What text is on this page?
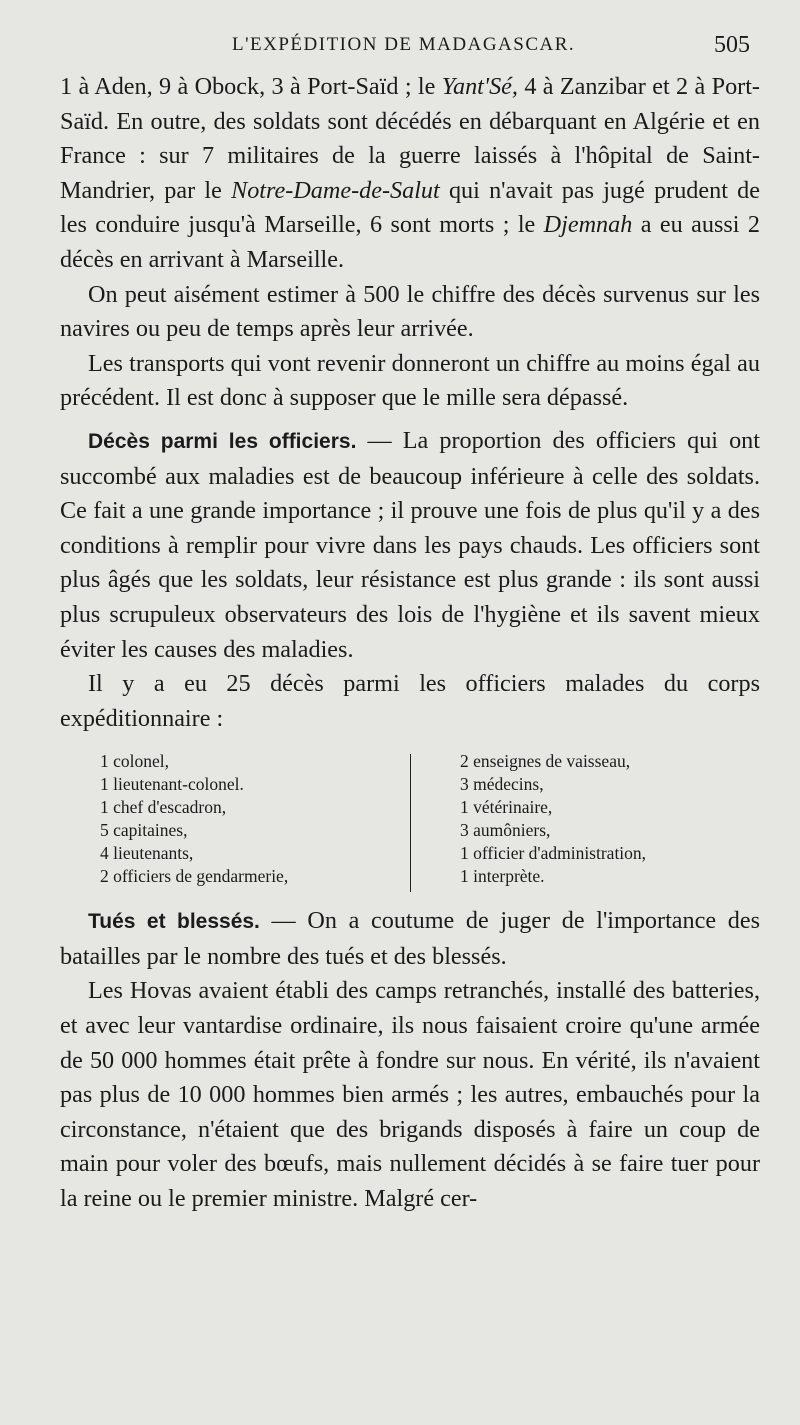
L'EXPÉDITION DE MADAGASCAR.	505

1 à Aden, 9 à Obock, 3 à Port-Saïd ; le Yant'Sé, 4 à Zanzibar et 2 à Port-Saïd. En outre, des soldats sont décédés en débarquant en Algérie et en France : sur 7 militaires de la guerre laissés à l'hôpital de Saint-Mandrier, par le Notre-Dame-de-Salut qui n'avait pas jugé prudent de les conduire jusqu'à Marseille, 6 sont morts ; le Djemnah a eu aussi 2 décès en arrivant à Marseille.

On peut aisément estimer à 500 le chiffre des décès survenus sur les navires ou peu de temps après leur arrivée.

Les transports qui vont revenir donneront un chiffre au moins égal au précédent. Il est donc à supposer que le mille sera dépassé.

Décès parmi les officiers. — La proportion des officiers qui ont succombé aux maladies est de beaucoup inférieure à celle des soldats. Ce fait a une grande importance ; il prouve une fois de plus qu'il y a des conditions à remplir pour vivre dans les pays chauds. Les officiers sont plus âgés que les soldats, leur résistance est plus grande : ils sont aussi plus scrupuleux observateurs des lois de l'hygiène et ils savent mieux éviter les causes des maladies.

Il y a eu 25 décès parmi les officiers malades du corps expéditionnaire :

1 colonel,
1 lieutenant-colonel.
1 chef d'escadron,
5 capitaines,
4 lieutenants,
2 officiers de gendarmerie,
2 enseignes de vaisseau,
3 médecins,
1 vétérinaire,
3 aumôniers,
1 officier d'administration,
1 interprète.

Tués et blessés. — On a coutume de juger de l'importance des batailles par le nombre des tués et des blessés.

Les Hovas avaient établi des camps retranchés, installé des batteries, et avec leur vantardise ordinaire, ils nous faisaient croire qu'une armée de 50 000 hommes était prête à fondre sur nous. En vérité, ils n'avaient pas plus de 10 000 hommes bien armés ; les autres, embauchés pour la circonstance, n'étaient que des brigands disposés à faire un coup de main pour voler des bœufs, mais nullement décidés à se faire tuer pour la reine ou le premier ministre. Malgré cer-
